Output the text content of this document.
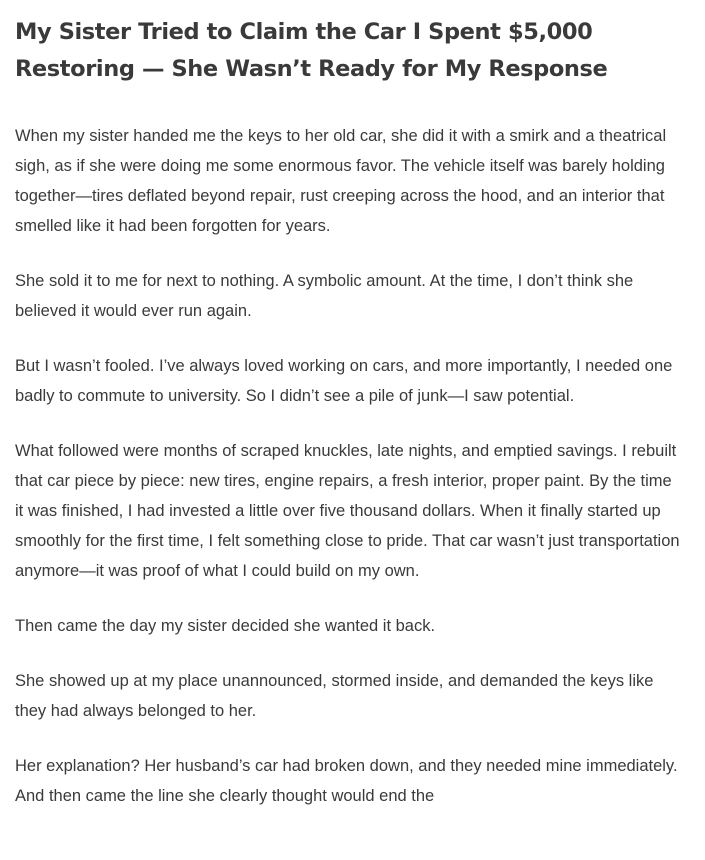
My Sister Tried to Claim the Car I Spent $5,000 Restoring — She Wasn’t Ready for My Response

When my sister handed me the keys to her old car, she did it with a smirk and a theatrical sigh, as if she were doing me some enormous favor. The vehicle itself was barely holding together—tires deflated beyond repair, rust creeping across the hood, and an interior that smelled like it had been forgotten for years.

She sold it to me for next to nothing. A symbolic amount. At the time, I don’t think she believed it would ever run again.

But I wasn’t fooled. I’ve always loved working on cars, and more importantly, I needed one badly to commute to university. So I didn’t see a pile of junk—I saw potential.

What followed were months of scraped knuckles, late nights, and emptied savings. I rebuilt that car piece by piece: new tires, engine repairs, a fresh interior, proper paint. By the time it was finished, I had invested a little over five thousand dollars. When it finally started up smoothly for the first time, I felt something close to pride. That car wasn’t just transportation anymore—it was proof of what I could build on my own.

Then came the day my sister decided she wanted it back.

She showed up at my place unannounced, stormed inside, and demanded the keys like they had always belonged to her.

Her explanation? Her husband’s car had broken down, and they needed mine immediately. And then came the line she clearly thought would end the
